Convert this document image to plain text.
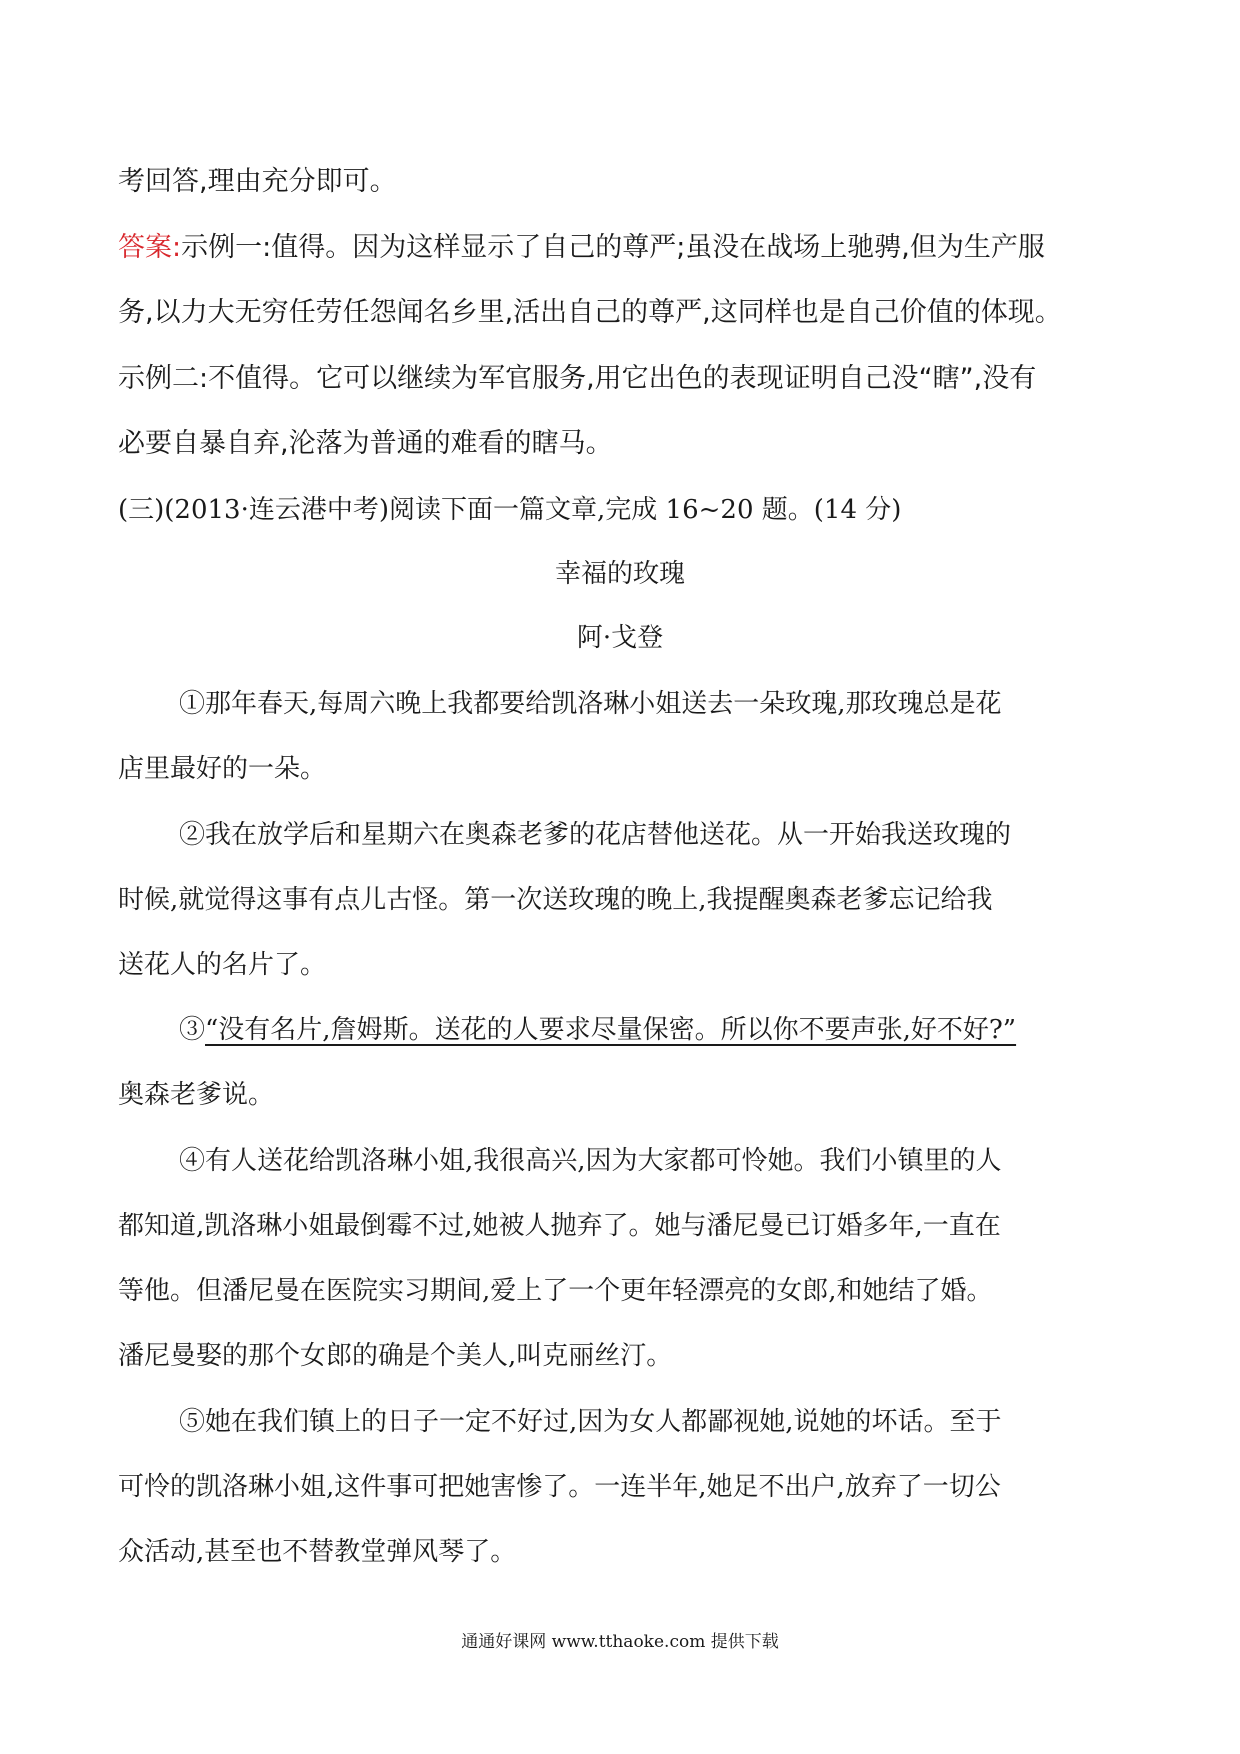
考回答,理由充分即可。
答案:示例一:值得。因为这样显示了自己的尊严;虽没在战场上驰骋,但为生产服
务,以力大无穷任劳任怨闻名乡里,活出自己的尊严,这同样也是自己价值的体现。
示例二:不值得。它可以继续为军官服务,用它出色的表现证明自己没“瞎”,没有
必要自暴自弃,沦落为普通的难看的瞎马。
(三)(2013·连云港中考)阅读下面一篇文章,完成 16~20 题。(14 分)
幸福的玫瑰
阿·戈登
①那年春天,每周六晚上我都要给凯洛琳小姐送去一朵玫瑰,那玫瑰总是花
店里最好的一朵。
②我在放学后和星期六在奥森老爹的花店替他送花。从一开始我送玫瑰的
时候,就觉得这事有点儿古怪。第一次送玫瑰的晚上,我提醒奥森老爹忘记给我
送花人的名片了。
③“没有名片,詹姆斯。送花的人要求尽量保密。所以你不要声张,好不好?”
奥森老爹说。
④有人送花给凯洛琳小姐,我很高兴,因为大家都可怜她。我们小镇里的人
都知道,凯洛琳小姐最倒霉不过,她被人抛弃了。她与潘尼曼已订婚多年,一直在
等他。但潘尼曼在医院实习期间,爱上了一个更年轻漂亮的女郎,和她结了婚。
潘尼曼娶的那个女郎的确是个美人,叫克丽丝汀。
⑤她在我们镇上的日子一定不好过,因为女人都鄙视她,说她的坏话。至于
可怜的凯洛琳小姐,这件事可把她害惨了。一连半年,她足不出户,放弃了一切公
众活动,甚至也不替教堂弹风琴了。
通通好课网 www.tthaoke.com 提供下载
